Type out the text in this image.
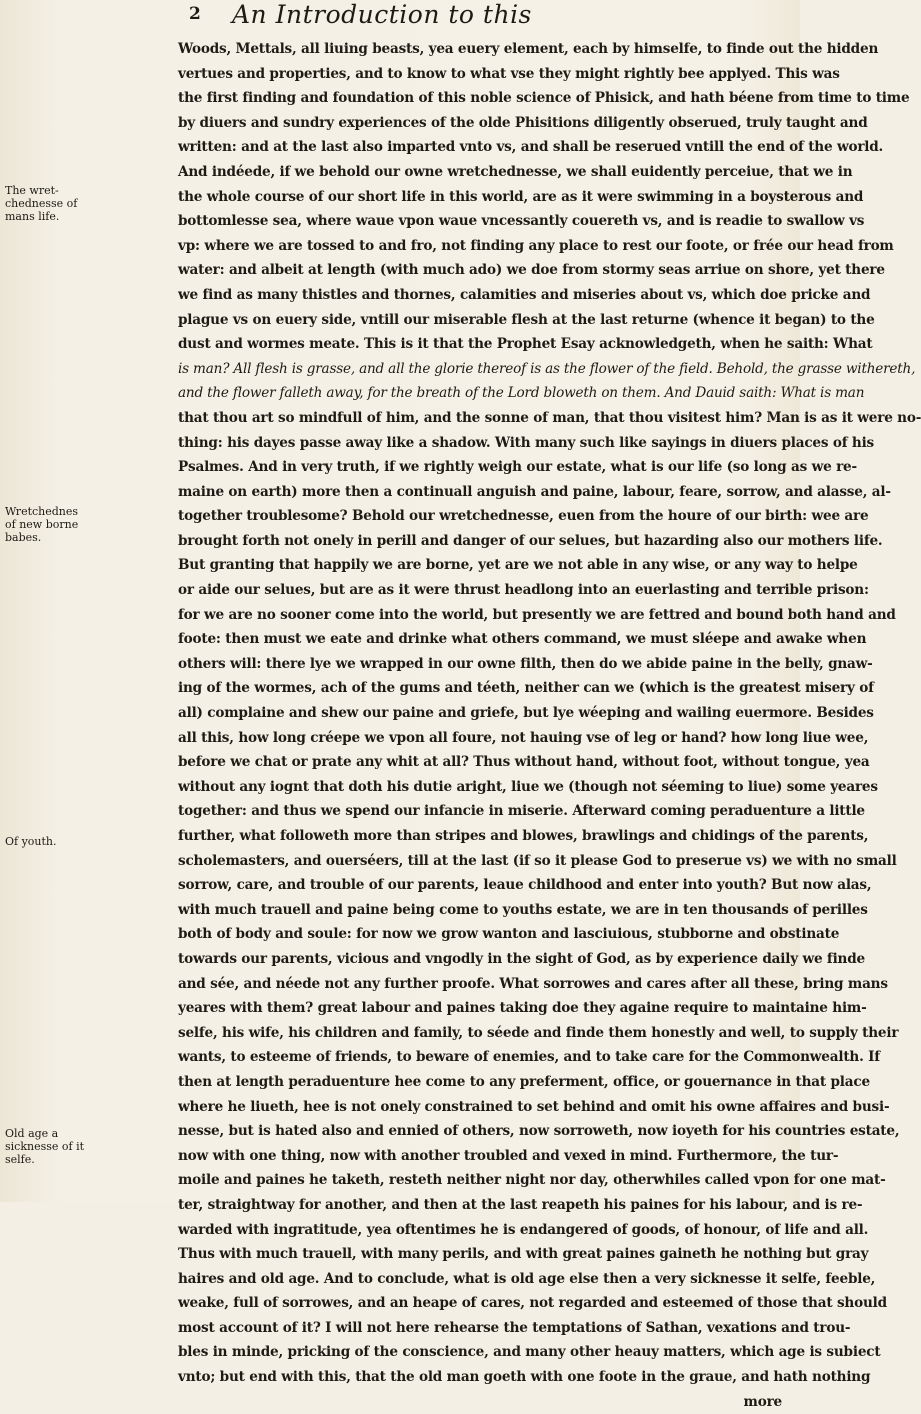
2 An Introduction to this
The wret- chednesse of mans life.
Wretchednes of new borne babes.
Of youth.
Old age a sicknesse of it selfe.
Woods, Mettals, all liuing beasts, yea euery element, each by himselfe, to finde out the hidden
vertues and properties, and to know to what vse they might rightly bee applyed. This was
the first finding and foundation of this noble science of Phisick, and hath béene from time to time
by diuers and sundry experiences of the olde Phisitions diligently obserued, truly taught and
written: and at the last also imparted vnto vs, and shall be reserued vntill the end of the world.
And indéede, if we behold our owne wretchednesse, we shall euidently perceiue, that we in
the whole course of our short life in this world, are as it were swimming in a boysterous and
bottomlesse sea, where waue vpon waue vncessantly couereth vs, and is readie to swallow vs
vp: where we are tossed to and fro, not finding any place to rest our foote, or frée our head from
water: and albeit at length (with much ado) we doe from stormy seas arriue on shore, yet there
we find as many thistles and thornes, calamities and miseries about vs, which doe pricke and
plague vs on euery side, vntill our miserable flesh at the last returne (whence it began) to the
dust and wormes meate. This is it that the Prophet Esay acknowledgeth, when he saith: What
is man? All flesh is grasse, and all the glorie thereof is as the flower of the field. Behold, the grasse withereth,
and the flower falleth away, for the breath of the Lord bloweth on them. And Dauid saith: What is man
that thou art so mindfull of him, and the sonne of man, that thou visitest him? Man is as it were no-
thing: his dayes passe away like a shadow. With many such like sayings in diuers places of his
Psalmes. And in very truth, if we rightly weigh our estate, what is our life (so long as we re-
maine on earth) more then a continuall anguish and paine, labour, feare, sorrow, and alasse, al-
together troublesome? Behold our wretchednesse, euen from the houre of our birth: wee are
brought forth not onely in perill and danger of our selues, but hazarding also our mothers life.
But granting that happily we are borne, yet are we not able in any wise, or any way to helpe
or aide our selues, but are as it were thrust headlong into an euerlasting and terrible prison:
for we are no sooner come into the world, but presently we are fettred and bound both hand and
foote: then must we eate and drinke what others command, we must sléepe and awake when
others will: there lye we wrapped in our owne filth, then do we abide paine in the belly, gnaw-
ing of the wormes, ach of the gums and téeth, neither can we (which is the greatest misery of
all) complaine and shew our paine and griefe, but lye wéeping and wailing euermore. Besides
all this, how long créepe we vpon all foure, not hauing vse of leg or hand? how long liue wee,
before we chat or prate any whit at all? Thus without hand, without foot, without tongue, yea
without any iognt that doth his dutie aright, liue we (though not séeming to liue) some yeares
together: and thus we spend our infancie in miserie. Afterward coming peraduenture a little
further, what followeth more than stripes and blowes, brawlings and chidings of the parents,
scholemasters, and ouerséers, till at the last (if so it please God to preserue vs) we with no small
sorrow, care, and trouble of our parents, leaue childhood and enter into youth? But now alas,
with much trauell and paine being come to youths estate, we are in ten thousands of perilles
both of body and soule: for now we grow wanton and lasciuious, stubborne and obstinate
towards our parents, vicious and vngodly in the sight of God, as by experience daily we finde
and sée, and néede not any further proofe. What sorrowes and cares after all these, bring mans
yeares with them? great labour and paines taking doe they againe require to maintaine him-
selfe, his wife, his children and family, to séede and finde them honestly and well, to supply their
wants, to esteeme of friends, to beware of enemies, and to take care for the Commonwealth. If
then at length peraduenture hee come to any preferment, office, or gouernance in that place
where he liueth, hee is not onely constrained to set behind and omit his owne affaires and busi-
nesse, but is hated also and ennied of others, now sorroweth, now ioyeth for his countries estate,
now with one thing, now with another troubled and vexed in mind. Furthermore, the tur-
moile and paines he taketh, resteth neither night nor day, otherwhiles called vpon for one mat-
ter, straightway for another, and then at the last reapeth his paines for his labour, and is re-
warded with ingratitude, yea oftentimes he is endangered of goods, of honour, of life and all.
Thus with much trauell, with many perils, and with great paines gaineth he nothing but gray
haires and old age. And to conclude, what is old age else then a very sicknesse it selfe, feeble,
weake, full of sorrowes, and an heape of cares, not regarded and esteemed of those that should
most account of it? I will not here rehearse the temptations of Sathan, vexations and trou-
bles in minde, pricking of the conscience, and many other heauy matters, which age is subiect
vnto; but end with this, that the old man goeth with one foote in the graue, and hath nothing
more
